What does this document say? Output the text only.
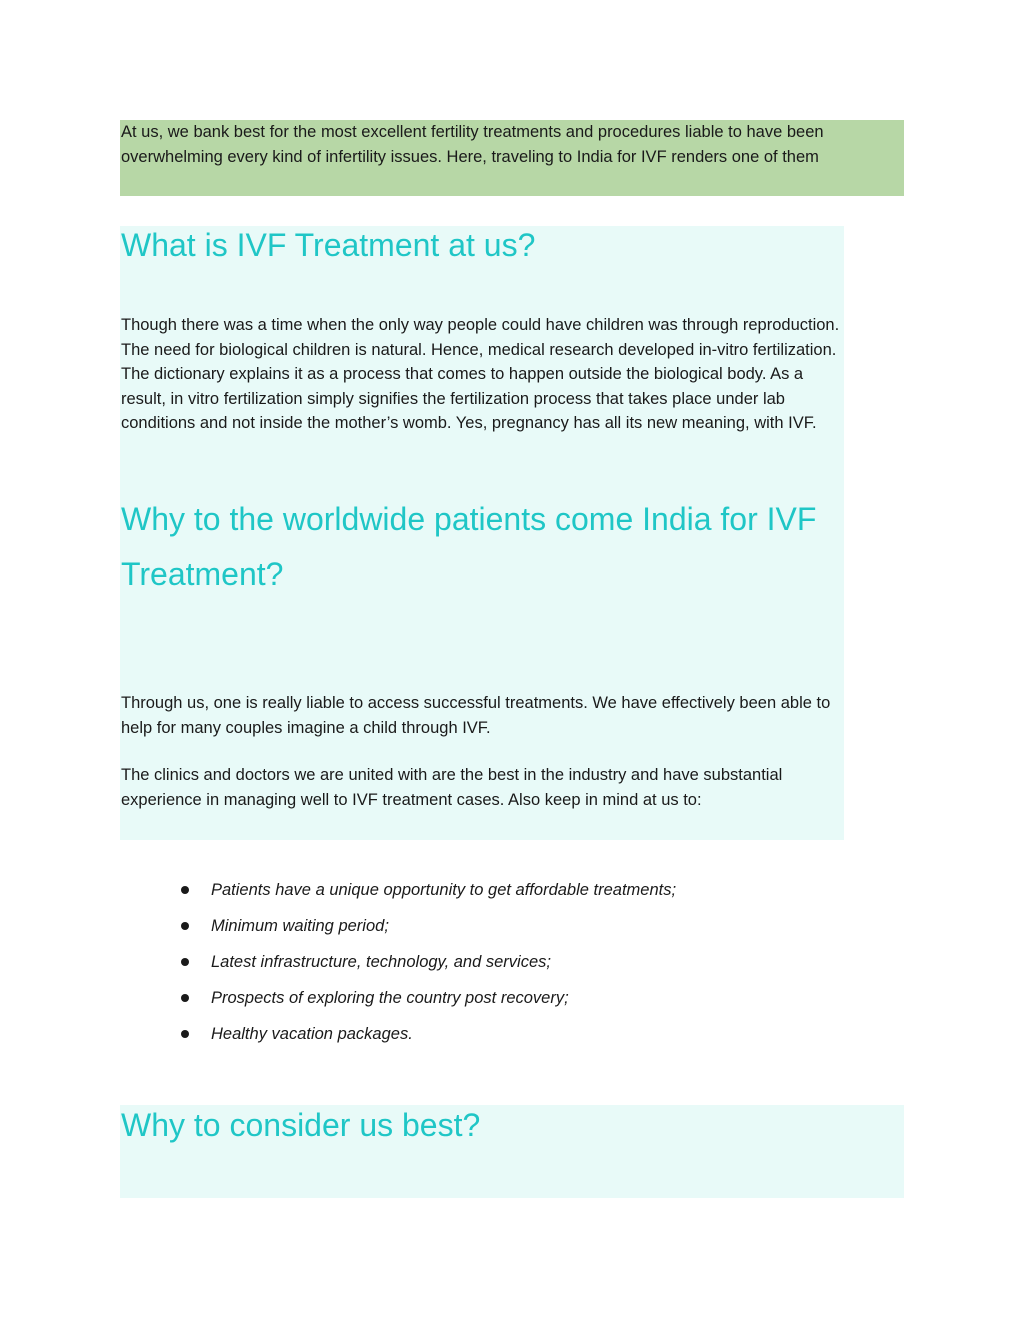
At us, we bank best for the most excellent fertility treatments and procedures liable to have been overwhelming every kind of infertility issues. Here, traveling to India for IVF renders one of them

What is IVF Treatment at us?

Though there was a time when the only way people could have children was through reproduction. The need for biological children is natural. Hence, medical research developed in-vitro fertilization. The dictionary explains it as a process that comes to happen outside the biological body. As a result, in vitro fertilization simply signifies the fertilization process that takes place under lab conditions and not inside the mother’s womb. Yes, pregnancy has all its new meaning, with IVF.

Why to the worldwide patients come India for IVF Treatment?

Through us, one is really liable to access successful treatments. We have effectively been able to help for many couples imagine a child through IVF.

The clinics and doctors we are united with are the best in the industry and have substantial experience in managing well to IVF treatment cases. Also keep in mind at us to:

Patients have a unique opportunity to get affordable treatments;
Minimum waiting period;
Latest infrastructure, technology, and services;
Prospects of exploring the country post recovery;
Healthy vacation packages.
Why to consider us best?
